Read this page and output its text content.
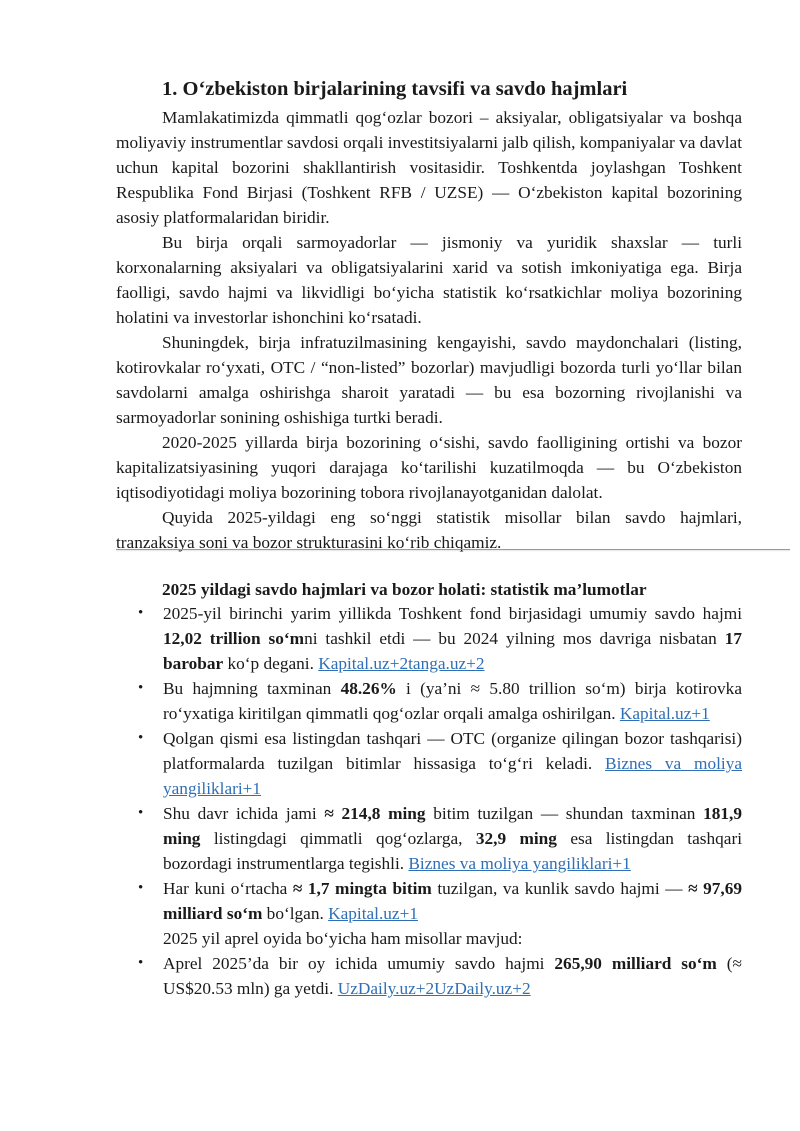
1. O‘zbekiston birjalarining tavsifi va savdo hajmlari

Mamlakatimizda qimmatli qog‘ozlar bozori – aksiyalar, obligatsiyalar va boshqa moliyaviy instrumentlar savdosi orqali investitsiyalarni jalb qilish, kompaniyalar va davlat uchun kapital bozorini shakllantirish vositasidir. Toshkentda joylashgan Toshkent Respublika Fond Birjasi (Toshkent RFB / UZSE) — O‘zbekiston kapital bozorining asosiy platformalaridan biridir.

Bu birja orqali sarmoyadorlar — jismoniy va yuridik shaxslar — turli korxonalarning aksiyalari va obligatsiyalarini xarid va sotish imkoniyatiga ega. Birja faolligi, savdo hajmi va likvidligi bo‘yicha statistik ko‘rsatkichlar moliya bozorining holatini va investorlar ishonchini ko‘rsatadi.

Shuningdek, birja infratuzilmasining kengayishi, savdo maydonchalari (listing, kotirovkalar ro‘yxati, OTC / “non-listed” bozorlar) mavjudligi bozorda turli yo‘llar bilan savdolarni amalga oshirishga sharoit yaratadi — bu esa bozorning rivojlanishi va sarmoyadorlar sonining oshishiga turtki beradi.

2020-2025 yillarda birja bozorining o‘sishi, savdo faolligining ortishi va bozor kapitalizatsiyasining yuqori darajaga ko‘tarilishi kuzatilmoqda — bu O‘zbekiston iqtisodiyotidagi moliya bozorining tobora rivojlanayotganidan dalolat.

Quyida 2025-yildagi eng so‘nggi statistik misollar bilan savdo hajmlari, tranzaksiya soni va bozor strukturasini ko‘rib chiqamiz.

2025 yildagi savdo hajmlari va bozor holati: statistik ma’lumotlar
• 2025-yil birinchi yarim yillikda Toshkent fond birjasidagi umumiy savdo hajmi 12,02 trillion so‘mni tashkil etdi — bu 2024 yilning mos davriga nisbatan 17 barobar ko‘p degani. Kapital.uz+2tanga.uz+2
• Bu hajmning taxminan 48.26% i (ya’ni ≈ 5.80 trillion so‘m) birja kotirovka ro‘yxatiga kiritilgan qimmatli qog‘ozlar orqali amalga oshirilgan. Kapital.uz+1
• Qolgan qismi esa listingdan tashqari — OTC (organize qilingan bozor tashqarisi) platformalarda tuzilgan bitimlar hissasiga to‘g‘ri keladi. Biznes va moliya yangiliklari+1
• Shu davr ichida jami ≈ 214,8 ming bitim tuzilgan — shundan taxminan 181,9 ming listingdagi qimmatli qog‘ozlarga, 32,9 ming esa listingdan tashqari bozordagi instrumentlarga tegishli. Biznes va moliya yangiliklari+1
• Har kuni o‘rtacha ≈ 1,7 mingta bitim tuzilgan, va kunlik savdo hajmi — ≈ 97,69 milliard so‘m bo‘lgan. Kapital.uz+1
2025 yil aprel oyida bo‘yicha ham misollar mavjud:
• Aprel 2025’da bir oy ichida umumiy savdo hajmi 265,90 milliard so‘m (≈ US$20.53 mln) ga yetdi. UzDaily.uz+2UzDaily.uz+2
